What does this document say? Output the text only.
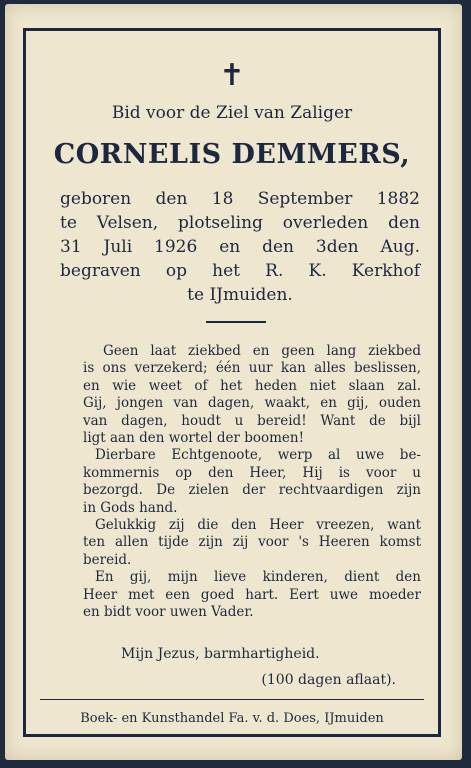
✝
Bid voor de Ziel van Zaliger
CORNELIS DEMMERS,
geboren den 18 September 1882
te Velsen, plotseling overleden den
31 Juli 1926 en den 3den Aug.
begraven op het R. K. Kerkhof
te IJmuiden.
Geen laat ziekbed en geen lang ziekbed
is ons verzekerd; één uur kan alles beslissen,
en wie weet of het heden niet slaan zal.
Gij, jongen van dagen, waakt, en gij, ouden
van dagen, houdt u bereid! Want de bijl
ligt aan den wortel der boomen!
Dierbare Echtgenoote, werp al uwe be-
kommernis op den Heer, Hij is voor u
bezorgd. De zielen der rechtvaardigen zijn
in Gods hand.
Gelukkig zij die den Heer vreezen, want
ten allen tijde zijn zij voor 's Heeren komst
bereid.
En gij, mijn lieve kinderen, dient den
Heer met een goed hart. Eert uwe moeder
en bidt voor uwen Vader.
Mijn Jezus, barmhartigheid.
(100 dagen aflaat).
Boek- en Kunsthandel Fa. v. d. Does, IJmuiden
